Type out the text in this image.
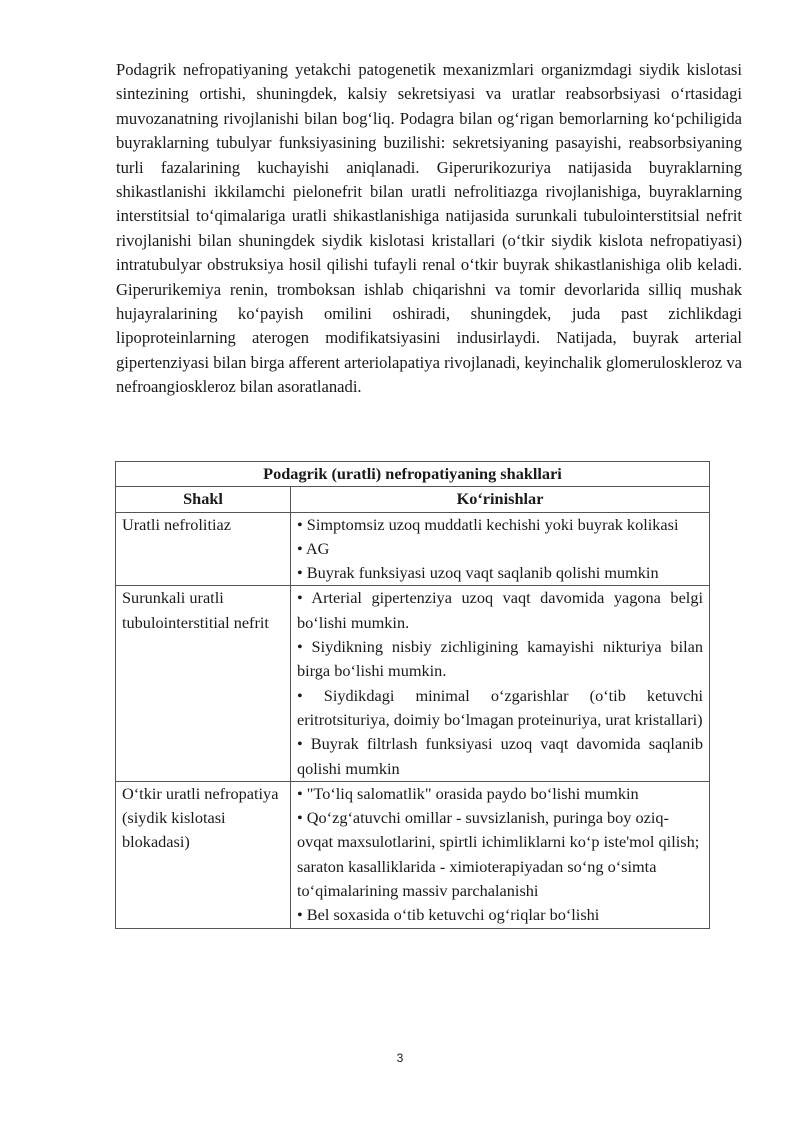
Podagrik nefropatiyaning yetakchi patogenetik mexanizmlari organizmdagi siydik kislotasi sintezining ortishi, shuningdek, kalsiy sekretsiyasi va uratlar reabsorbsiyasi o‘rtasidagi muvozanatning rivojlanishi bilan bog‘liq. Podagra bilan og‘rigan bemorlarning ko‘pchiligida buyraklarning tubulyar funksiyasining buzilishi: sekretsiyaning pasayishi, reabsorbsiyaning turli fazalarining kuchayishi aniqlanadi. Giperurikozuriya natijasida buyraklarning shikastlanishi ikkilamchi pielonefrit bilan uratli nefrolitiazga rivojlanishiga, buyraklarning interstitsial to‘qimalariga uratli shikastlanishiga natijasida surunkali tubulointerstitsial nefrit rivojlanishi bilan shuningdek siydik kislotasi kristallari (o‘tkir siydik kislota nefropatiyasi) intratubulyar obstruksiya hosil qilishi tufayli renal o‘tkir buyrak shikastlanishiga olib keladi. Giperurikemiya renin, tromboksan ishlab chiqarishni va tomir devorlarida silliq mushak hujayralarining ko‘payish omilini oshiradi, shuningdek, juda past zichlikdagi lipoproteinlarning aterogen modifikatsiyasini indusirlaydi. Natijada, buyrak arterial gipertenziyasi bilan birga afferent arteriolapatiya rivojlanadi, keyinchalik glomeruloskleroz va nefroangioskleroz bilan asoratlanadi.

Podagrik (uratli) nefropatiyaning shakllari	
Shakl	Ko‘rinishlar
Uratli nefrolitiaz	• Simptomsiz uzoq muddatli kechishi yoki buyrak kolikasi

• AG

• Buyrak funksiyasi uzoq vaqt saqlanib qolishi mumkin

Surunkali uratli tubulointerstitial nefrit	• Arterial gipertenziya uzoq vaqt davomida yagona belgi bo‘lishi mumkin.

• Siydikning nisbiy zichligining kamayishi nikturiya bilan birga bo‘lishi mumkin.

• Siydikdagi minimal o‘zgarishlar (o‘tib ketuvchi eritrotsituriya, doimiy bo‘lmagan proteinuriya, urat kristallari)

• Buyrak filtrlash funksiyasi uzoq vaqt davomida saqlanib qolishi mumkin

O‘tkir uratli nefropatiya (siydik kislotasi blokadasi)	• "To‘liq salomatlik" orasida paydo bo‘lishi mumkin

• Qo‘zg‘atuvchi omillar - suvsizlanish, puringa boy oziq-ovqat maxsulotlarini, spirtli ichimliklarni ko‘p iste'mol qilish; saraton kasalliklarida - ximioterapiyadan so‘ng o‘simta to‘qimalarining massiv parchalanishi

• Bel soxasida o‘tib ketuvchi og‘riqlar bo‘lishi

3
